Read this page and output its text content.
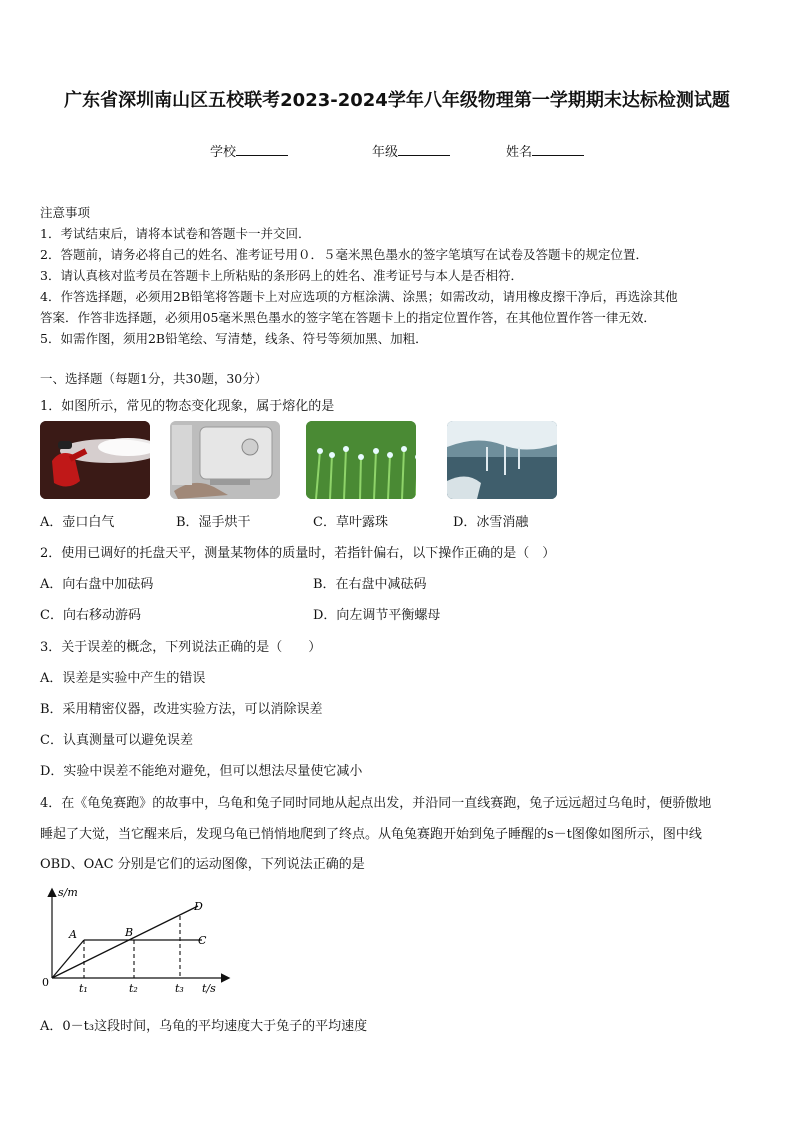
广东省深圳南山区五校联考2023-2024学年八年级物理第一学期期末达标检测试题
学校	年级	姓名
注意事项
1．考试结束后，请将本试卷和答题卡一并交回．
2．答题前，请务必将自己的姓名、准考证号用０．５毫米黑色墨水的签字笔填写在试卷及答题卡的规定位置．
3．请认真核对监考员在答题卡上所粘贴的条形码上的姓名、准考证号与本人是否相符．
4．作答选择题，必须用2B铅笔将答题卡上对应选项的方框涂满、涂黑；如需改动，请用橡皮擦干净后，再选涂其他
答案．作答非选择题，必须用05毫米黑色墨水的签字笔在答题卡上的指定位置作答，在其他位置作答一律无效．
5．如需作图，须用2B铅笔绘、写清楚，线条、符号等须加黑、加粗．
一、选择题（每题1分，共30题，30分）
1．如图所示，常见的物态变化现象，属于熔化的是
A．壶口白气	B．湿手烘干	C．草叶露珠	D．冰雪消融
2．使用已调好的托盘天平，测量某物体的质量时，若指针偏右，以下操作正确的是（　）
A．向右盘中加砝码	B．在右盘中减砝码
C．向右移动游码	D．向左调节平衡螺母
3．关于误差的概念，下列说法正确的是（　　）
A．误差是实验中产生的错误
B．采用精密仪器，改进实验方法，可以消除误差
C．认真测量可以避免误差
D．实验中误差不能绝对避免，但可以想法尽量使它减小
4．在《龟兔赛跑》的故事中，乌龟和兔子同时同地从起点出发，并沿同一直线赛跑，兔子远远超过乌龟时，便骄傲地
睡起了大觉，当它醒来后，发现乌龟已悄悄地爬到了终点。从龟兔赛跑开始到兔子睡醒的s－t图像如图所示，图中线
OBD、OAC 分别是它们的运动图像，下列说法正确的是
s/m
t/s
0
A	B
C
D
t₁	t₂	t₃
A．0－t₃这段时间，乌龟的平均速度大于兔子的平均速度
